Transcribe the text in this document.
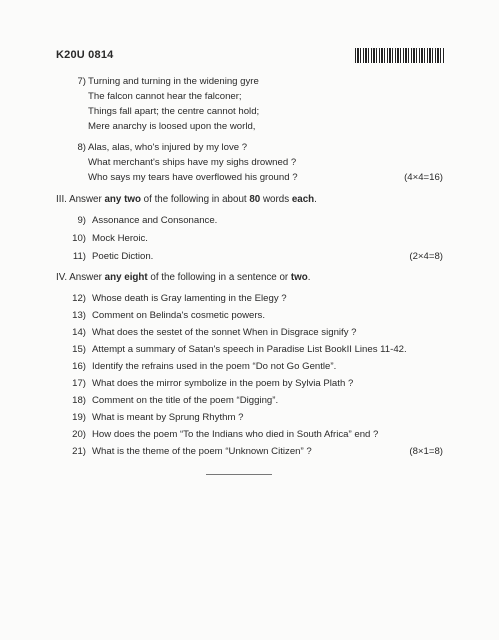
K20U 0814
7) Turning and turning in the widening gyre
The falcon cannot hear the falconer;
Things fall apart; the centre cannot hold;
Mere anarchy is loosed upon the world,
8) Alas, alas, who's injured by my love ?
What merchant's ships have my sighs drowned ?
Who says my tears have overflowed his ground ?	(4×4=16)
III. Answer any two of the following in about 80 words each.
9) Assonance and Consonance.
10) Mock Heroic.
11) Poetic Diction.	(2×4=8)
IV. Answer any eight of the following in a sentence or two.
12) Whose death is Gray lamenting in the Elegy ?
13) Comment on Belinda's cosmetic powers.
14) What does the sestet of the sonnet When in Disgrace signify ?
15) Attempt a summary of Satan's speech in Paradise List BookII Lines 11-42.
16) Identify the refrains used in the poem “Do not Go Gentle”.
17) What does the mirror symbolize in the poem by Sylvia Plath ?
18) Comment on the title of the poem “Digging”.
19) What is meant by Sprung Rhythm ?
20) How does the poem “To the Indians who died in South Africa” end ?
21) What is the theme of the poem “Unknown Citizen” ?	(8×1=8)
